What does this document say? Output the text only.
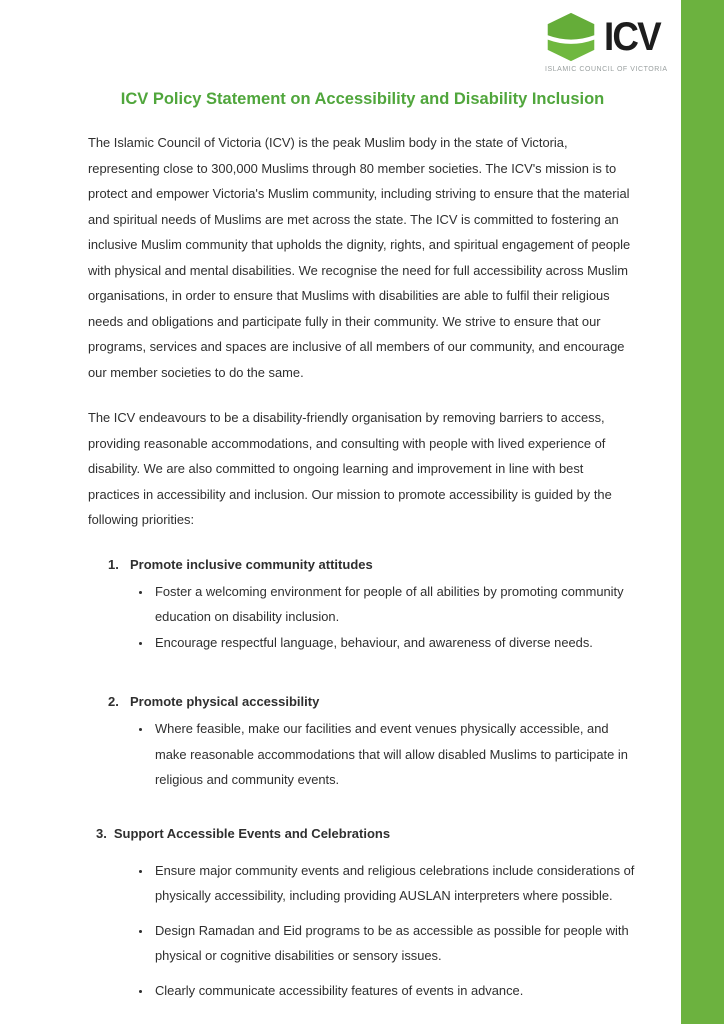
ICV
ISLAMIC COUNCIL OF VICTORIA
ICV Policy Statement on Accessibility and Disability Inclusion

The Islamic Council of Victoria (ICV) is the peak Muslim body in the state of Victoria, representing close to 300,000 Muslims through 80 member societies. The ICV's mission is to protect and empower Victoria's Muslim community, including striving to ensure that the material and spiritual needs of Muslims are met across the state. The ICV is committed to fostering an inclusive Muslim community that upholds the dignity, rights, and spiritual engagement of people with physical and mental disabilities. We recognise the need for full accessibility across Muslim organisations, in order to ensure that Muslims with disabilities are able to fulfil their religious needs and obligations and participate fully in their community. We strive to ensure that our programs, services and spaces are inclusive of all members of our community, and encourage our member societies to do the same.

The ICV endeavours to be a disability-friendly organisation by removing barriers to access, providing reasonable accommodations, and consulting with people with lived experience of disability. We are also committed to ongoing learning and improvement in line with best practices in accessibility and inclusion. Our mission to promote accessibility is guided by the following priorities:

1. Promote inclusive community attitudes
• Foster a welcoming environment for people of all abilities by promoting community education on disability inclusion.
• Encourage respectful language, behaviour, and awareness of diverse needs.
2. Promote physical accessibility
• Where feasible, make our facilities and event venues physically accessible, and make reasonable accommodations that will allow disabled Muslims to participate in religious and community events.
3. Support Accessible Events and Celebrations
• Ensure major community events and religious celebrations include considerations of physically accessibility, including providing AUSLAN interpreters where possible.
• Design Ramadan and Eid programs to be as accessible as possible for people with physical or cognitive disabilities or sensory issues.
• Clearly communicate accessibility features of events in advance.
